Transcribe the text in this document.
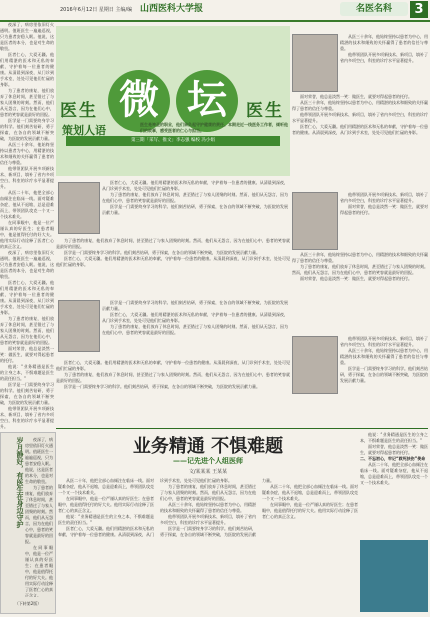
2016年6月12日 星期日 主编/编 山西医科大学报	名医名科	3

夜深了，病房里依旧灯火通明。值班医生一遍遍巡视，只为患者安稳入眠。他说，这是医者的本分，也是对生命的敬畏。

医者仁心，大爱无疆。他们用精湛的医术和无私的奉献，守护着每一位患者的健康。从清晨到深夜，从门诊到手术室，处处可见他们忙碌的身影。

为了患者的康复，他们放弃了休息时间，甚至错过了与家人团聚的时刻。然而，他们从无怨言，因为在他们心中，患者的笑容就是最好的回报。

医学是一门需要终身学习的科学。他们刻苦钻研，勇于探索，在各自的领域不断突破，为医院的发展贡献力量。

从医三十余年，他始终坚持以患者为中心，用精湛的技术和细致的关怀赢得了患者的信任与尊重。

他带领团队开展多项新技术、新项目，填补了省内多项空白，科室的诊疗水平显著提升。

从医二十年，他把全部心血倾注在临床一线。面对疑难杂症，他从不退缩，总是迎难而上，带领团队攻克一个又一个技术难关。

在同事眼中，他是一位严谨认真的好医生；在患者眼中，他是值得托付的好大夫。他用实际行动诠释了医者仁心的真正含义。

夜深了，病房里依旧灯火通明。值班医生一遍遍巡视，只为患者安稳入眠。他说，这是医者的本分，也是对生命的敬畏。

医者仁心，大爱无疆。他们用精湛的医术和无私的奉献，守护着每一位患者的健康。从清晨到深夜，从门诊到手术室，处处可见他们忙碌的身影。

为了患者的康复，他们放弃了休息时间，甚至错过了与家人团聚的时刻。然而，他们从无怨言，因为在他们心中，患者的笑容就是最好的回报。

面对荣誉，他总是淡然一笑：做医生，就要对得起患者的托付。

他说：“业务精通是医生的立身之本，不惧难题是医生的责任担当。”

医学是一门需要终身学习的科学。他们刻苦钻研，勇于探索，在各自的领域不断突破，为医院的发展贡献力量。

他带领团队开展多项新技术、新项目，填补了省内多项空白，科室的诊疗水平显著提升。

岁月静好，有医生在身边守护	夜深了，病房里依旧灯火通明。值班医生一遍遍巡视，只为患者安稳入眠。他说，这是医者的本分，也是对生命的敬畏。

为了患者的康复，他们放弃了休息时间，甚至错过了与家人团聚的时刻。然而，他们从无怨言，因为在他们心中，患者的笑容就是最好的回报。

在同事眼中，他是一位严谨认真的好医生；在患者眼中，他是值得托付的好大夫。他用实际行动诠释了医者仁心的真正含义。

（下转第2版）
医生 微 坛	医生
第三期「采写、推文」李志强 编校 冯小娟
策划人语	医生是神圣的职业，他们肩负起守护健康的责任。本期走近一线医务工作者，倾听他们的故事，感受医者的仁心与担当。

医者仁心，大爱无疆。他们用精湛的医术和无私的奉献，守护着每一位患者的健康。从清晨到深夜，从门诊到手术室，处处可见他们忙碌的身影。

为了患者的康复，他们放弃了休息时间，甚至错过了与家人团聚的时刻。然而，他们从无怨言，因为在他们心中，患者的笑容就是最好的回报。

医学是一门需要终身学习的科学。他们刻苦钻研，勇于探索，在各自的领域不断突破，为医院的发展贡献力量。

为了患者的康复，他们放弃了休息时间，甚至错过了与家人团聚的时刻。然而，他们从无怨言，因为在他们心中，患者的笑容就是最好的回报。

医学是一门需要终身学习的科学。他们刻苦钻研，勇于探索，在各自的领域不断突破，为医院的发展贡献力量。

医者仁心，大爱无疆。他们用精湛的医术和无私的奉献，守护着每一位患者的健康。从清晨到深夜，从门诊到手术室，处处可见他们忙碌的身影。

医学是一门需要终身学习的科学。他们刻苦钻研，勇于探索，在各自的领域不断突破，为医院的发展贡献力量。

医者仁心，大爱无疆。他们用精湛的医术和无私的奉献，守护着每一位患者的健康。从清晨到深夜，从门诊到手术室，处处可见他们忙碌的身影。

为了患者的康复，他们放弃了休息时间，甚至错过了与家人团聚的时刻。然而，他们从无怨言，因为在他们心中，患者的笑容就是最好的回报。

医者仁心，大爱无疆。他们用精湛的医术和无私的奉献，守护着每一位患者的健康。从清晨到深夜，从门诊到手术室，处处可见他们忙碌的身影。

为了患者的康复，他们放弃了休息时间，甚至错过了与家人团聚的时刻。然而，他们从无怨言，因为在他们心中，患者的笑容就是最好的回报。

医学是一门需要终身学习的科学。他们刻苦钻研，勇于探索，在各自的领域不断突破，为医院的发展贡献力量。

从医三十余年，他始终坚持以患者为中心，用精湛的技术和细致的关怀赢得了患者的信任与尊重。

他带领团队开展多项新技术、新项目，填补了省内多项空白，科室的诊疗水平显著提升。

面对荣誉，他总是淡然一笑：做医生，就要对得起患者的托付。

从医三十余年，他始终坚持以患者为中心，用精湛的技术和细致的关怀赢得了患者的信任与尊重。

他带领团队开展多项新技术、新项目，填补了省内多项空白，科室的诊疗水平显著提升。

医者仁心，大爱无疆。他们用精湛的医术和无私的奉献，守护着每一位患者的健康。从清晨到深夜，从门诊到手术室，处处可见他们忙碌的身影。

他带领团队开展多项新技术、新项目，填补了省内多项空白，科室的诊疗水平显著提升。

面对荣誉，他总是淡然一笑：做医生，就要对得起患者的托付。

从医三十余年，他始终坚持以患者为中心，用精湛的技术和细致的关怀赢得了患者的信任与尊重。

为了患者的康复，他们放弃了休息时间，甚至错过了与家人团聚的时刻。然而，他们从无怨言，因为在他们心中，患者的笑容就是最好的回报。

面对荣誉，他总是淡然一笑：做医生，就要对得起患者的托付。

他带领团队开展多项新技术、新项目，填补了省内多项空白，科室的诊疗水平显著提升。

从医三十余年，他始终坚持以患者为中心，用精湛的技术和细致的关怀赢得了患者的信任与尊重。

医学是一门需要终身学习的科学。他们刻苦钻研，勇于探索，在各自的领域不断突破，为医院的发展贡献力量。

业务精通 不惧难题
——记先进个人组医师
文/某某某 王某某

从医二十年，他把全部心血倾注在临床一线。面对疑难杂症，他从不退缩，总是迎难而上，带领团队攻克一个又一个技术难关。

在同事眼中，他是一位严谨认真的好医生；在患者眼中，他是值得托付的好大夫。他用实际行动诠释了医者仁心的真正含义。

他说：“业务精通是医生的立身之本，不惧难题是医生的责任担当。”

医者仁心，大爱无疆。他们用精湛的医术和无私的奉献，守护着每一位患者的健康。从清晨到深夜，从门诊到手术室，处处可见他们忙碌的身影。

为了患者的康复，他们放弃了休息时间，甚至错过了与家人团聚的时刻。然而，他们从无怨言，因为在他们心中，患者的笑容就是最好的回报。

从医三十余年，他始终坚持以患者为中心，用精湛的技术和细致的关怀赢得了患者的信任与尊重。

他带领团队开展多项新技术、新项目，填补了省内多项空白，科室的诊疗水平显著提升。

医学是一门需要终身学习的科学。他们刻苦钻研，勇于探索，在各自的领域不断突破，为医院的发展贡献力量。

从医二十年，他把全部心血倾注在临床一线。面对疑难杂症，他从不退缩，总是迎难而上，带领团队攻克一个又一个技术难关。

在同事眼中，他是一位严谨认真的好医生；在患者眼中，他是值得托付的好大夫。他用实际行动诠释了医者仁心的真正含义。

他说：“业务精通是医生的立身之本，不惧难题是医生的责任担当。”

面对荣誉，他总是淡然一笑：做医生，就要对得起患者的托付。

二、不忘初心，牢记“救死扶伤”使命

从医二十年，他把全部心血倾注在临床一线。面对疑难杂症，他从不退缩，总是迎难而上，带领团队攻克一个又一个技术难关。
